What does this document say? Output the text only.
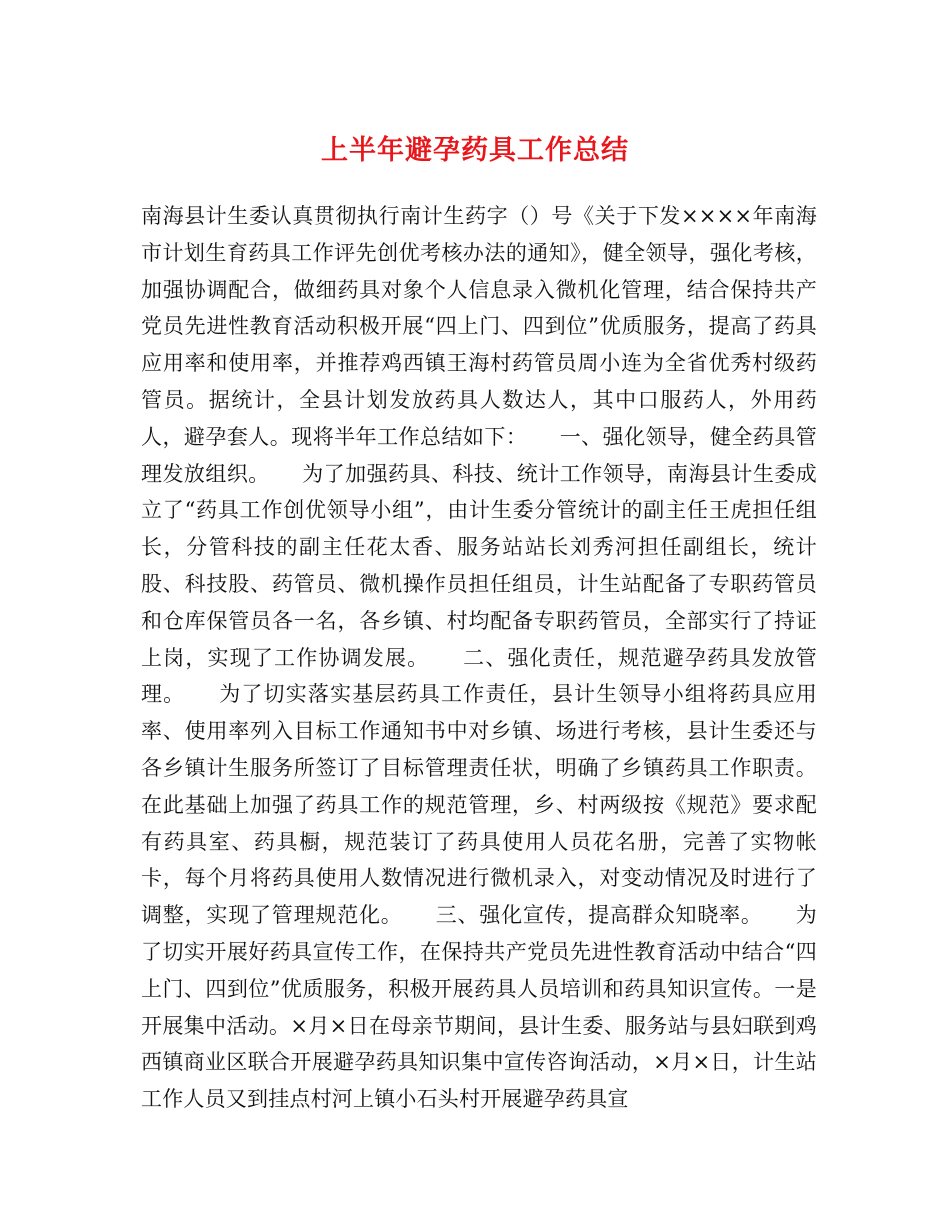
上半年避孕药具工作总结

南海县计生委认真贯彻执行南计生药字（）号《关于下发××××年南海市计划生育药具工作评先创优考核办法的通知》，健全领导，强化考核，加强协调配合，做细药具对象个人信息录入微机化管理，结合保持共产党员先进性教育活动积极开展“四上门、四到位”优质服务，提高了药具应用率和使用率，并推荐鸡西镇王海村药管员周小连为全省优秀村级药管员。据统计，全县计划发放药具人数达人，其中口服药人，外用药人，避孕套人。现将半年工作总结如下：　　一、强化领导，健全药具管理发放组织。　　为了加强药具、科技、统计工作领导，南海县计生委成立了“药具工作创优领导小组”，由计生委分管统计的副主任王虎担任组长，分管科技的副主任花太香、服务站站长刘秀河担任副组长，统计股、科技股、药管员、微机操作员担任组员，计生站配备了专职药管员和仓库保管员各一名，各乡镇、村均配备专职药管员，全部实行了持证上岗，实现了工作协调发展。　　二、强化责任，规范避孕药具发放管理。　　为了切实落实基层药具工作责任，县计生领导小组将药具应用率、使用率列入目标工作通知书中对乡镇、场进行考核，县计生委还与各乡镇计生服务所签订了目标管理责任状，明确了乡镇药具工作职责。在此基础上加强了药具工作的规范管理，乡、村两级按《规范》要求配有药具室、药具橱，规范装订了药具使用人员花名册，完善了实物帐卡，每个月将药具使用人数情况进行微机录入，对变动情况及时进行了调整，实现了管理规范化。　　三、强化宣传，提高群众知晓率。　　为了切实开展好药具宣传工作，在保持共产党员先进性教育活动中结合“四上门、四到位”优质服务，积极开展药具人员培训和药具知识宣传。一是开展集中活动。×月×日在母亲节期间，县计生委、服务站与县妇联到鸡西镇商业区联合开展避孕药具知识集中宣传咨询活动，×月×日，计生站工作人员又到挂点村河上镇小石头村开展避孕药具宣
